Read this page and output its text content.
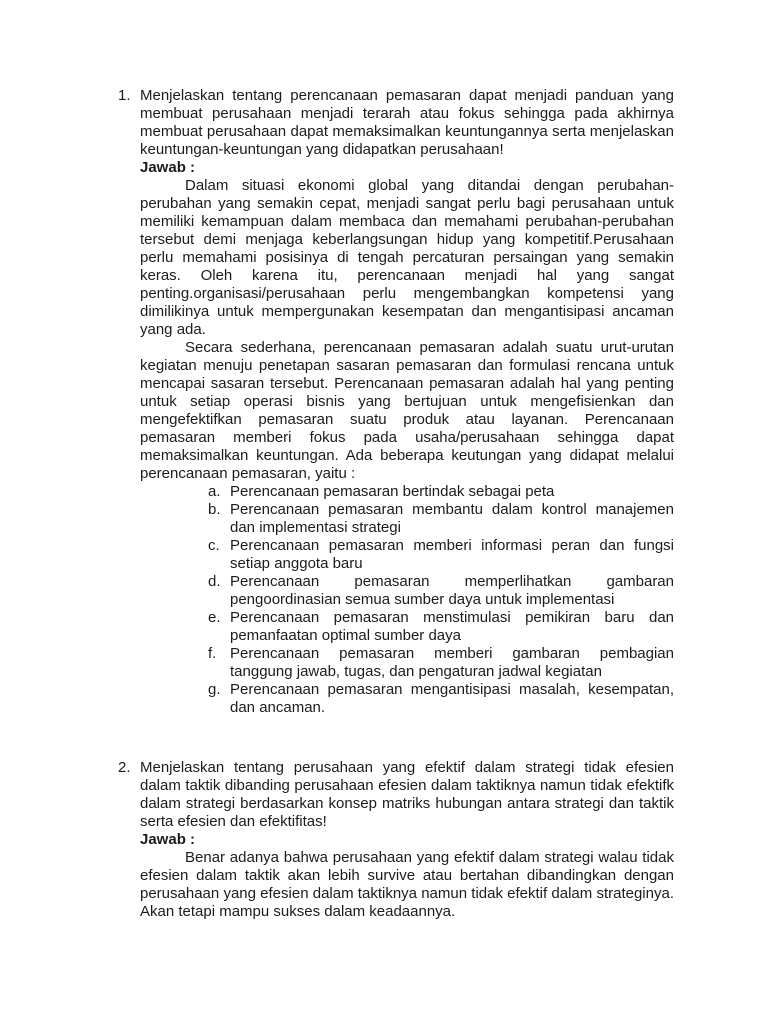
1. Menjelaskan tentang perencanaan pemasaran dapat menjadi panduan yang membuat perusahaan menjadi terarah atau fokus sehingga pada akhirnya membuat perusahaan dapat memaksimalkan keuntungannya serta menjelaskan keuntungan-keuntungan yang didapatkan perusahaan!
Jawab :
Dalam situasi ekonomi global yang ditandai dengan perubahan-perubahan yang semakin cepat, menjadi sangat perlu bagi perusahaan untuk memiliki kemampuan dalam membaca dan memahami perubahan-perubahan tersebut demi menjaga keberlangsungan hidup yang kompetitif.Perusahaan perlu memahami posisinya di tengah percaturan persaingan yang semakin keras. Oleh karena itu, perencanaan menjadi hal yang sangat penting.organisasi/perusahaan perlu mengembangkan kompetensi yang dimilikinya untuk mempergunakan kesempatan dan mengantisipasi ancaman yang ada.
Secara sederhana, perencanaan pemasaran adalah suatu urut-urutan kegiatan menuju penetapan sasaran pemasaran dan formulasi rencana untuk mencapai sasaran tersebut. Perencanaan pemasaran adalah hal yang penting untuk setiap operasi bisnis yang bertujuan untuk mengefisienkan dan mengefektifkan pemasaran suatu produk atau layanan. Perencanaan pemasaran memberi fokus pada usaha/perusahaan sehingga dapat memaksimalkan keuntungan. Ada beberapa keutungan yang didapat melalui perencanaan pemasaran, yaitu :
a. Perencanaan pemasaran bertindak sebagai peta
b. Perencanaan pemasaran membantu dalam kontrol manajemen dan implementasi strategi
c. Perencanaan pemasaran memberi informasi peran dan fungsi setiap anggota baru
d. Perencanaan pemasaran memperlihatkan gambaran pengoordinasian semua sumber daya untuk implementasi
e. Perencanaan pemasaran menstimulasi pemikiran baru dan pemanfaatan optimal sumber daya
f. Perencanaan pemasaran memberi gambaran pembagian tanggung jawab, tugas, dan pengaturan jadwal kegiatan
g. Perencanaan pemasaran mengantisipasi masalah, kesempatan, dan ancaman.
2. Menjelaskan tentang perusahaan yang efektif dalam strategi tidak efesien dalam taktik dibanding perusahaan efesien dalam taktiknya namun tidak efektifk dalam strategi berdasarkan konsep matriks hubungan antara strategi dan taktik serta efesien dan efektifitas!
Jawab :
Benar adanya bahwa perusahaan yang efektif dalam strategi walau tidak efesien dalam taktik akan lebih survive atau bertahan dibandingkan dengan perusahaan yang efesien dalam taktiknya namun tidak efektif dalam strateginya. Akan tetapi mampu sukses dalam keadaannya.
